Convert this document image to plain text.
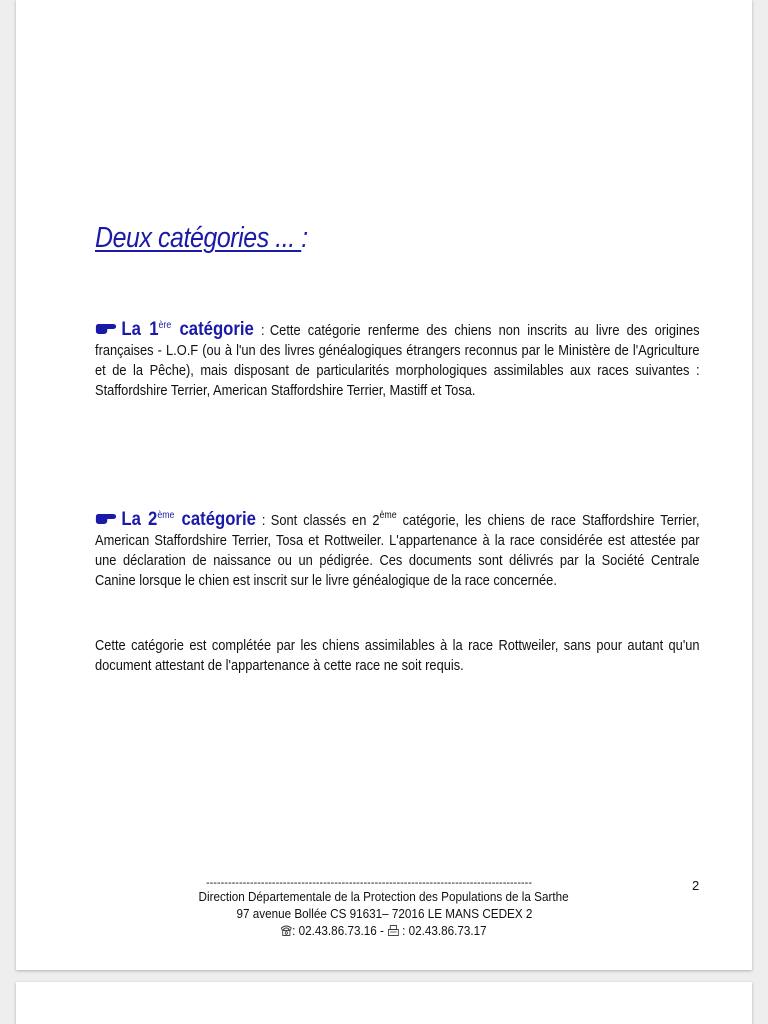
Deux catégories ... :

La 1ère catégorie : Cette catégorie renferme des chiens non inscrits au livre des origines françaises - L.O.F (ou à l'un des livres généalogiques étrangers reconnus par le Ministère de l'Agriculture et de la Pêche), mais disposant de particularités morphologiques assimilables aux races suivantes : Staffordshire Terrier, American Staffordshire Terrier, Mastiff et Tosa.

La 2ème catégorie : Sont classés en 2ème catégorie, les chiens de race Staffordshire Terrier, American Staffordshire Terrier, Tosa et Rottweiler. L'appartenance à la race considérée est attestée par une déclaration de naissance ou un pédigrée. Ces documents sont délivrés par la Société Centrale Canine lorsque le chien est inscrit sur le livre généalogique de la race concernée.

Cette catégorie est complétée par les chiens assimilables à la race Rottweiler, sans pour autant qu'un document attestant de l'appartenance à cette race ne soit requis.

2
-----------------------------------------------------------------------------------------
Direction Départementale de la Protection des Populations de la Sarthe
97 avenue Bollée CS 91631– 72016 LE MANS CEDEX 2
: 02.43.86.73.16 -  : 02.43.86.73.17
